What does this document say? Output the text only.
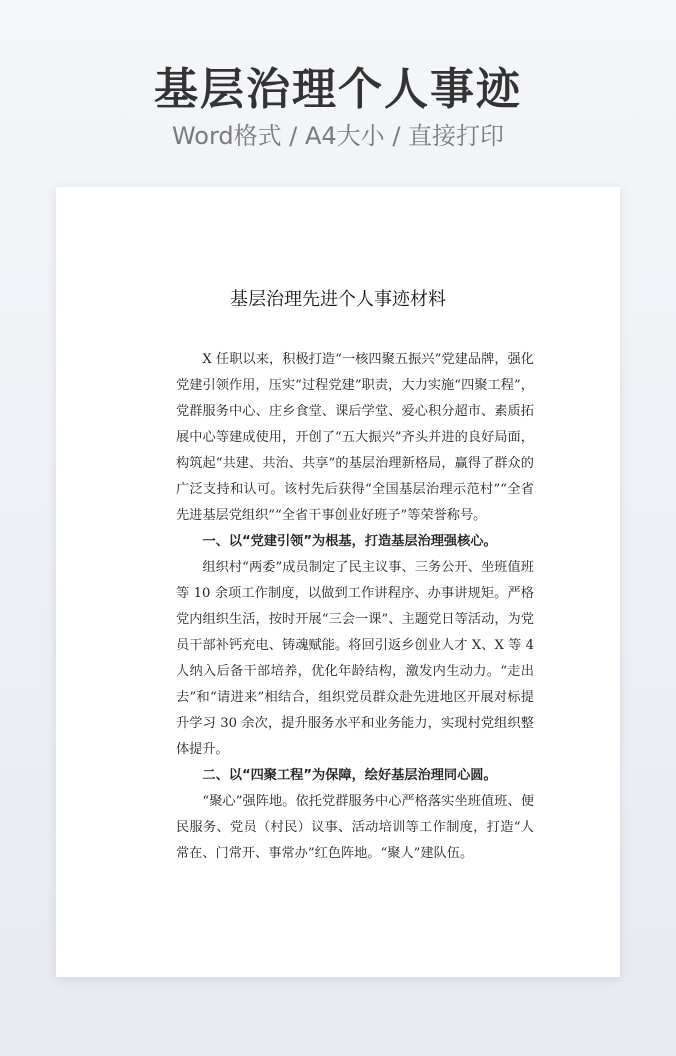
基层治理个人事迹
Word格式 / A4大小 / 直接打印
基层治理先进个人事迹材料

X 任职以来，积极打造“一核四聚五振兴”党建品牌，强化党建引领作用，压实“过程党建”职责，大力实施“四聚工程”，党群服务中心、庄乡食堂、课后学堂、爱心积分超市、素质拓展中心等建成使用，开创了“五大振兴”齐头并进的良好局面，构筑起“共建、共治、共享”的基层治理新格局，赢得了群众的广泛支持和认可。该村先后获得“全国基层治理示范村”“全省先进基层党组织”“全省干事创业好班子”等荣誉称号。

一、以“党建引领”为根基，打造基层治理强核心。

组织村“两委”成员制定了民主议事、三务公开、坐班值班等 10 余项工作制度，以做到工作讲程序、办事讲规矩。严格党内组织生活，按时开展“三会一课”、主题党日等活动，为党员干部补钙充电、铸魂赋能。将回引返乡创业人才 X、X 等 4 人纳入后备干部培养，优化年龄结构，激发内生动力。“走出去”和“请进来”相结合，组织党员群众赴先进地区开展对标提升学习 30 余次，提升服务水平和业务能力，实现村党组织整体提升。

二、以“四聚工程”为保障，绘好基层治理同心圆。

“聚心”强阵地。依托党群服务中心严格落实坐班值班、便民服务、党员（村民）议事、活动培训等工作制度，打造“人常在、门常开、事常办”红色阵地。“聚人”建队伍。
